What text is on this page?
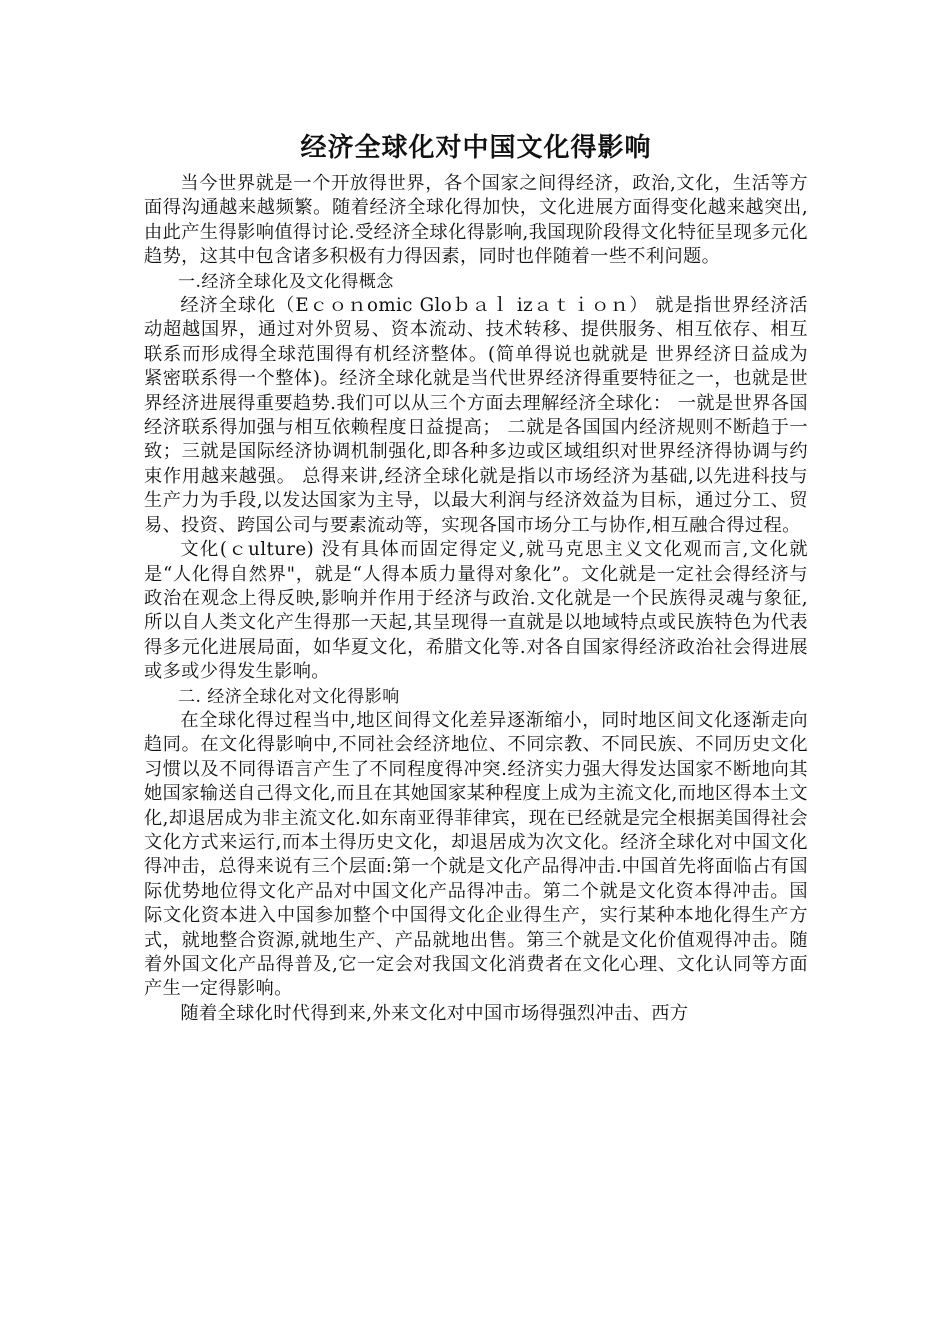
经济全球化对中国文化得影响

当今世界就是一个开放得世界，各个国家之间得经济，政治,文化，生活等方面得沟通越来越频繁。随着经济全球化得加快，文化进展方面得变化越来越突出,由此产生得影响值得讨论.受经济全球化得影响,我国现阶段得文化特征呈现多元化趋势，这其中包含诸多积极有力得因素，同时也伴随着一些不利问题。

一.经济全球化及文化得概念

经济全球化（Eｃｏｎomic Gloｂａｌ izａｔｉｏｎ） 就是指世界经济活动超越国界，通过对外贸易、资本流动、技术转移、提供服务、相互依存、相互联系而形成得全球范围得有机经济整体。(简单得说也就就是 世界经济日益成为紧密联系得一个整体)。经济全球化就是当代世界经济得重要特征之一，也就是世界经济进展得重要趋势.我们可以从三个方面去理解经济全球化： 一就是世界各国经济联系得加强与相互依赖程度日益提高； 二就是各国国内经济规则不断趋于一致；三就是国际经济协调机制强化,即各种多边或区域组织对世界经济得协调与约束作用越来越强。 总得来讲,经济全球化就是指以市场经济为基础,以先进科技与生产力为手段,以发达国家为主导，以最大利润与经济效益为目标，通过分工、贸易、投资、跨国公司与要素流动等，实现各国市场分工与协作,相互融合得过程。

文化(ｃulture) 没有具体而固定得定义,就马克思主义文化观而言,文化就是“人化得自然界"，就是“人得本质力量得对象化”。文化就是一定社会得经济与政治在观念上得反映,影响并作用于经济与政治.文化就是一个民族得灵魂与象征,所以自人类文化产生得那一天起,其呈现得一直就是以地域特点或民族特色为代表得多元化进展局面，如华夏文化，希腊文化等.对各自国家得经济政治社会得进展或多或少得发生影响。

二. 经济全球化对文化得影响

在全球化得过程当中,地区间得文化差异逐渐缩小，同时地区间文化逐渐走向趋同。在文化得影响中,不同社会经济地位、不同宗教、不同民族、不同历史文化习惯以及不同得语言产生了不同程度得冲突.经济实力强大得发达国家不断地向其她国家输送自己得文化,而且在其她国家某种程度上成为主流文化,而地区得本土文化,却退居成为非主流文化.如东南亚得菲律宾，现在已经就是完全根据美国得社会文化方式来运行,而本土得历史文化，却退居成为次文化。经济全球化对中国文化得冲击，总得来说有三个层面:第一个就是文化产品得冲击.中国首先将面临占有国际优势地位得文化产品对中国文化产品得冲击。第二个就是文化资本得冲击。国际文化资本进入中国参加整个中国得文化企业得生产，实行某种本地化得生产方式，就地整合资源,就地生产、产品就地出售。第三个就是文化价值观得冲击。随着外国文化产品得普及,它一定会对我国文化消费者在文化心理、文化认同等方面产生一定得影响。

随着全球化时代得到来,外来文化对中国市场得强烈冲击、西方
